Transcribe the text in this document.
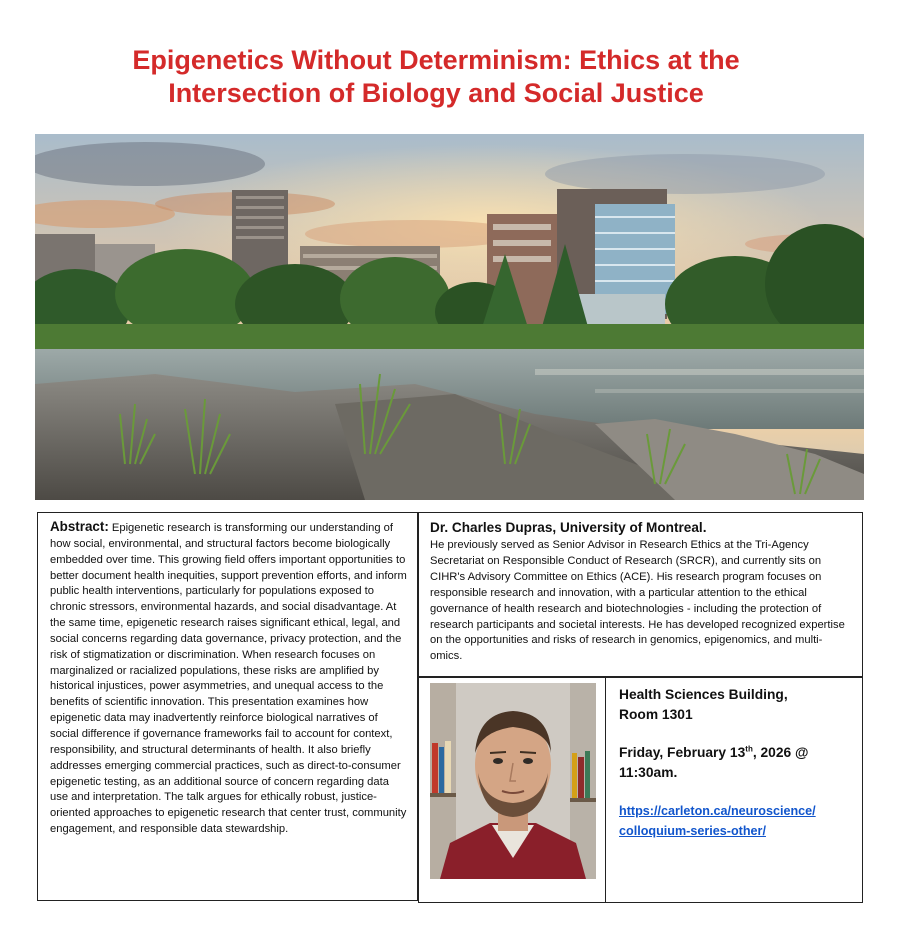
Epigenetics Without Determinism: Ethics at the
Intersection of Biology and Social Justice
Abstract: Epigenetic research is transforming our understanding of how social, environmental, and structural factors become biologically embedded over time. This growing field offers important opportunities to better document health inequities, support prevention efforts, and inform public health interventions, particularly for populations exposed to chronic stressors, environmental hazards, and social disadvantage. At the same time, epigenetic research raises significant ethical, legal, and social concerns regarding data governance, privacy protection, and the risk of stigmatization or discrimination. When research focuses on marginalized or racialized populations, these risks are amplified by historical injustices, power asymmetries, and unequal access to the benefits of scientific innovation. This presentation examines how epigenetic data may inadvertently reinforce biological narratives of social difference if governance frameworks fail to account for context, responsibility, and structural determinants of health. It also briefly addresses emerging commercial practices, such as direct-to-consumer epigenetic testing, as an additional source of concern regarding data use and interpretation. The talk argues for ethically robust, justice-oriented approaches to epigenetic research that center trust, community engagement, and responsible data stewardship.
Dr. Charles Dupras, University of Montreal.
He previously served as Senior Advisor in Research Ethics at the Tri-Agency Secretariat on Responsible Conduct of Research (SRCR), and currently sits on CIHR's Advisory Committee on Ethics (ACE). His research program focuses on responsible research and innovation, with a particular attention to the ethical governance of health research and biotechnologies - including the protection of research participants and societal interests. He has developed recognized expertise on the opportunities and risks of research in genomics, epigenomics, and multi-omics.

Health Sciences Building,
Room 1301

Friday, February 13th, 2026 @
11:30am.

https://carleton.ca/neuroscience/
colloquium-series-other/
